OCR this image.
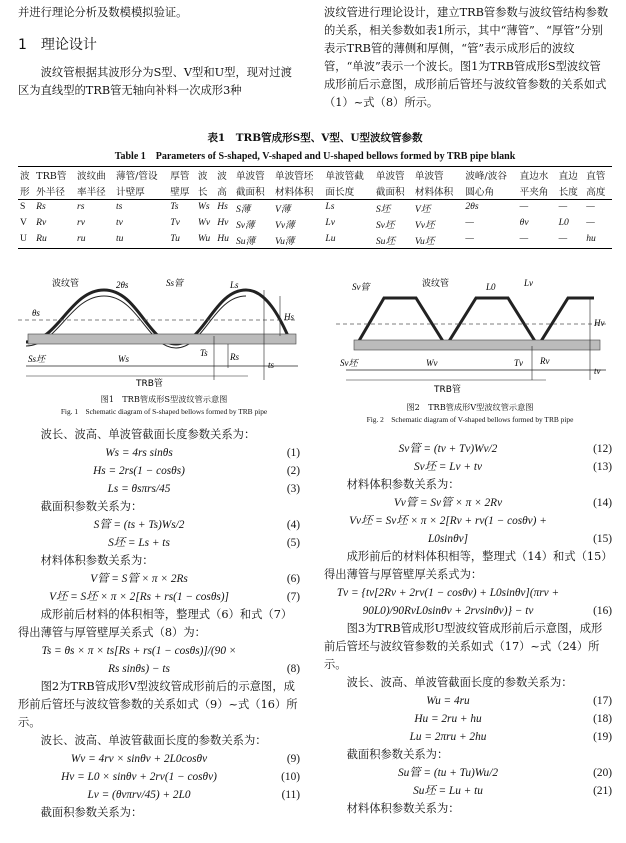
并进行理论分析及数模模拟验证。

1　理论设计

波纹管根据其波形分为S型、V型和U型，现对过渡区为直线型的TRB管无轴向补料一次成形3种

波纹管进行理论设计，建立TRB管参数与波纹管结构参数的关系，相关参数如表1所示，其中“薄管”、“厚管”分别表示TRB管的薄侧和厚侧，“管”表示成形后的波纹管，“单波”表示一个波长。图1为TRB管成形S型波纹管成形前后示意图，成形前后管坯与波纹管参数的关系如式（1）~式（8）所示。

表1　TRB管成形S型、V型、U型波纹管参数

Table 1　Parameters of S-shaped, V-shaped and U-shaped bellows formed by TRB pipe blank

波	TRB管	波纹曲	薄管/管设	厚管	波	波	单波管	单波管坯	单波管截	单波管	单波管	波峰/波谷	直边水	直边	直管
形	外半径	率半径	计壁厚	壁厚	长	高	截面积	材料体积	面长度	截面积	材料体积	圆心角	平夹角	长度	高度
S	Rs	rs	ts	Ts	Ws	Hs	S薄	V薄	Ls	S坯	V坯	2θs	—	—	—
V	Rv	rv	tv	Tv	Wv	Hv	Sv薄	Vv薄	Lv	Sv坯	Vv坯	—	θv	L0	—
U	Ru	ru	tu	Tu	Wu	Hu	Su薄	Vu薄	Lu	Su坯	Vu坯	—	—	—	hu
波纹管	2θs	Ss管	Ls
θs	Hs
ts
Rs
Ts
Ss坯	Ws
TRB管

图1　TRB管成形S型波纹管示意图

Fig. 1　Schematic diagram of S-shaped bellows formed by TRB pipe

Sv管	波纹管	L0	Lv
Hv
Sv坯	Tv Rv
tv
Wv
TRB管

图2　TRB管成形V型波纹管示意图

Fig. 2　Schematic diagram of V-shaped bellows formed by TRB pipe

波长、波高、单波管截面长度参数关系为：

Ws = 4rs sinθs	(1)
Hs = 2rs(1 − cosθs)	(2)
Ls = θsπrs/45	(3)

截面积参数关系为：

S管 = (ts + Ts)Ws/2	(4)
S坯 = Ls + ts	(5)

材料体积参数关系为：

V管 = S管 × π × 2Rs	(6)
V坯 = S坯 × π × 2[Rs + rs(1 − cosθs)]	(7)

成形前后材料的体积相等，整理式（6）和式（7）得出薄管与厚管壁厚关系式（8）为：

Ts = θs × π × ts[Rs + rs(1 − cosθs)]/(90 ×
Rs sinθs) − ts	(8)

图2为TRB管成形V型波纹管成形前后的示意图，成形前后管坯与波纹管参数的关系如式（9）~式（16）所示。

波长、波高、单波管截面长度的参数关系为：

Wv = 4rv × sinθv + 2L0cosθv	(9)
Hv = L0 × sinθv + 2rv(1 − cosθv)	(10)
Lv = (θvπrv/45) + 2L0	(11)

截面积参数关系为：

Sv管 = (tv + Tv)Wv/2	(12)
Sv坯 = Lv + tv	(13)

材料体积参数关系为：

Vv管 = Sv管 × π × 2Rv	(14)
Vv坯 = Sv坯 × π × 2[Rv + rv(1 − cosθv) +
L0sinθv]	(15)

成形前后的材料体积相等，整理式（14）和式（15）得出薄管与厚管壁厚关系式为：

Tv = {tv[2Rv + 2rv(1 − cosθv) + L0sinθv](πrv +
90L0)/90RvL0sinθv + 2rvsinθv)} − tv	(16)

图3为TRB管成形U型波纹管成形前后示意图，成形前后管坯与波纹管参数的关系如式（17）~式（24）所示。

波长、波高、单波管截面长度的参数关系为：

Wu = 4ru	(17)
Hu = 2ru + hu	(18)
Lu = 2πru + 2hu	(19)

截面积参数关系为：

Su管 = (tu + Tu)Wu/2	(20)
Su坯 = Lu + tu	(21)

材料体积参数关系为：
